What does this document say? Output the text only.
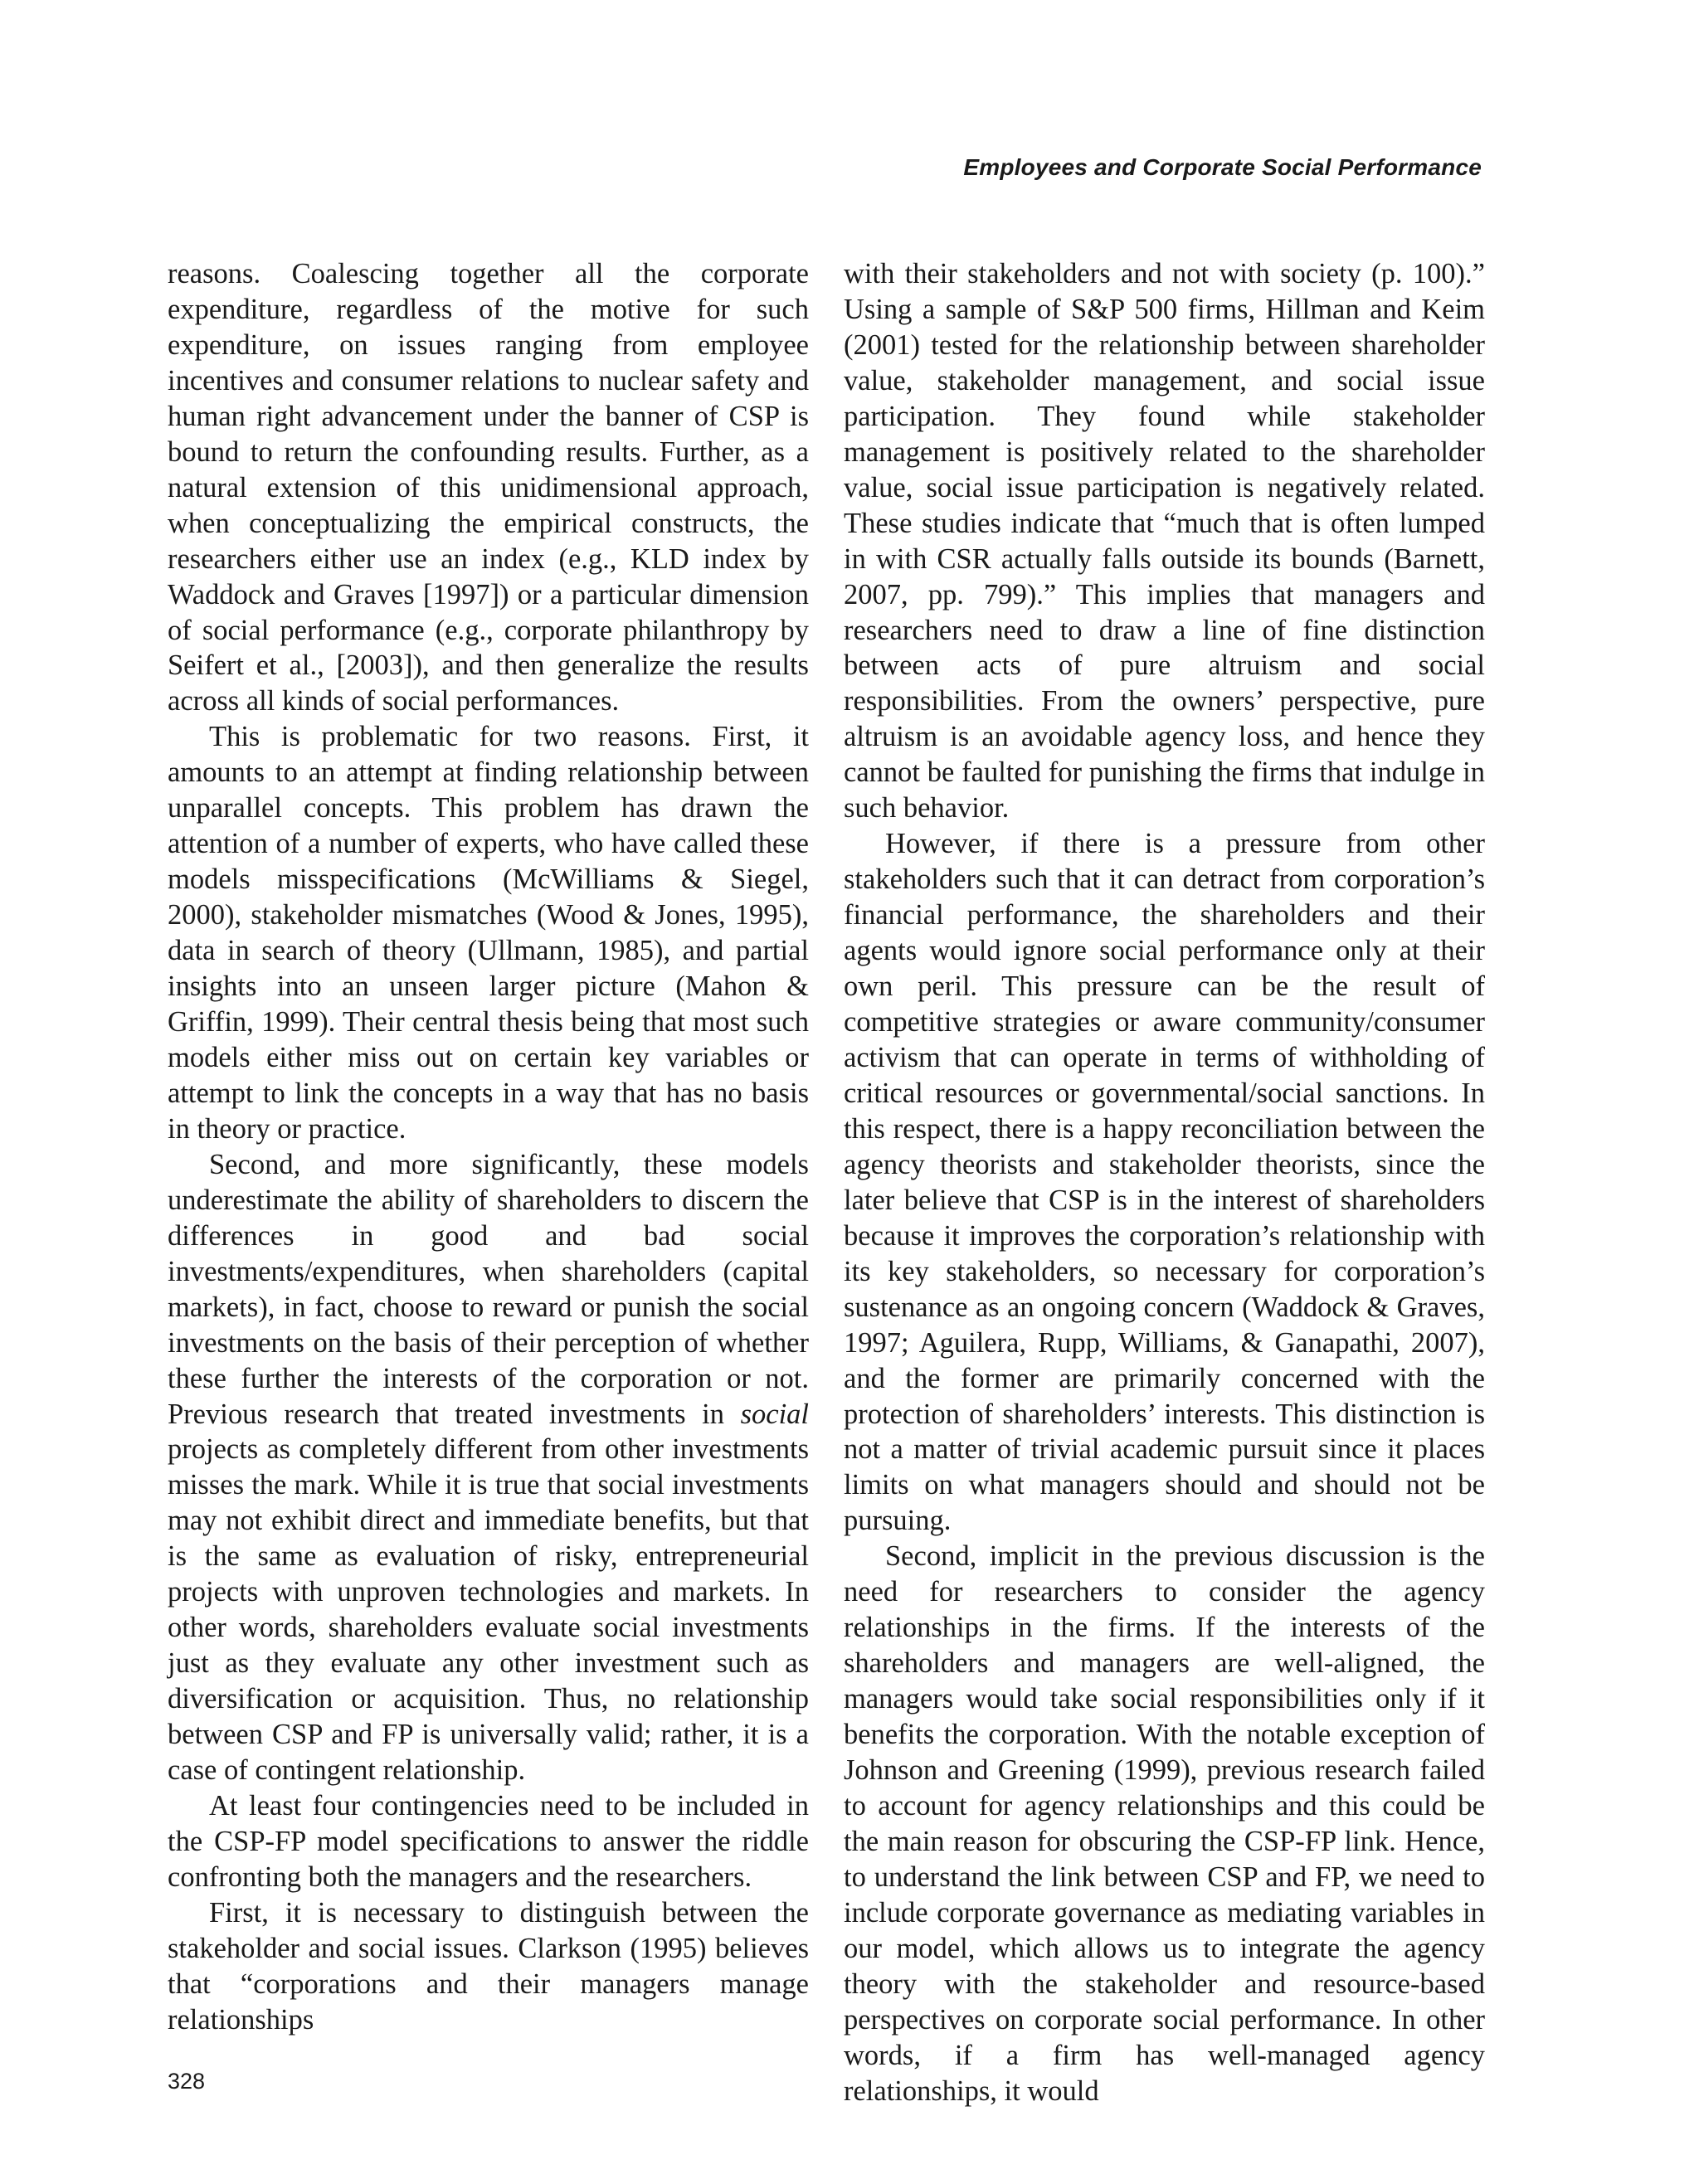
Employees and Corporate Social Performance

reasons. Coalescing together all the corporate expenditure, regardless of the motive for such expenditure, on issues ranging from employee incentives and consumer relations to nuclear safety and human right advancement under the banner of CSP is bound to return the confounding results. Further, as a natural extension of this unidimensional approach, when conceptualizing the empirical constructs, the researchers either use an index (e.g., KLD index by Waddock and Graves [1997]) or a particular dimension of social performance (e.g., corporate philanthropy by Seifert et al., [2003]), and then generalize the results across all kinds of social performances.

This is problematic for two reasons. First, it amounts to an attempt at finding relationship between unparallel concepts. This problem has drawn the attention of a number of experts, who have called these models misspecifications (McWilliams & Siegel, 2000), stakeholder mismatches (Wood & Jones, 1995), data in search of theory (Ullmann, 1985), and partial insights into an unseen larger picture (Mahon & Griffin, 1999). Their central thesis being that most such models either miss out on certain key variables or attempt to link the concepts in a way that has no basis in theory or practice.

Second, and more significantly, these models underestimate the ability of shareholders to discern the differences in good and bad social investments/expenditures, when shareholders (capital markets), in fact, choose to reward or punish the social investments on the basis of their perception of whether these further the interests of the corporation or not. Previous research that treated investments in social projects as completely different from other investments misses the mark. While it is true that social investments may not exhibit direct and immediate benefits, but that is the same as evaluation of risky, entrepreneurial projects with unproven technologies and markets. In other words, shareholders evaluate social investments just as they evaluate any other investment such as diversification or acquisition. Thus, no relationship between CSP and FP is universally valid; rather, it is a case of contingent relationship.

At least four contingencies need to be included in the CSP-FP model specifications to answer the riddle confronting both the managers and the researchers.

First, it is necessary to distinguish between the stakeholder and social issues. Clarkson (1995) believes that “corporations and their managers manage relationships

with their stakeholders and not with society (p. 100).” Using a sample of S&P 500 firms, Hillman and Keim (2001) tested for the relationship between shareholder value, stakeholder management, and social issue participation. They found while stakeholder management is positively related to the shareholder value, social issue participation is negatively related. These studies indicate that “much that is often lumped in with CSR actually falls outside its bounds (Barnett, 2007, pp. 799).” This implies that managers and researchers need to draw a line of fine distinction between acts of pure altruism and social responsibilities. From the owners’ perspective, pure altruism is an avoidable agency loss, and hence they cannot be faulted for punishing the firms that indulge in such behavior.

However, if there is a pressure from other stakeholders such that it can detract from corporation’s financial performance, the shareholders and their agents would ignore social performance only at their own peril. This pressure can be the result of competitive strategies or aware community/consumer activism that can operate in terms of withholding of critical resources or governmental/social sanctions. In this respect, there is a happy reconciliation between the agency theorists and stakeholder theorists, since the later believe that CSP is in the interest of shareholders because it improves the corporation’s relationship with its key stakeholders, so necessary for corporation’s sustenance as an ongoing concern (Waddock & Graves, 1997; Aguilera, Rupp, Williams, & Ganapathi, 2007), and the former are primarily concerned with the protection of shareholders’ interests. This distinction is not a matter of trivial academic pursuit since it places limits on what managers should and should not be pursuing.

Second, implicit in the previous discussion is the need for researchers to consider the agency relationships in the firms. If the interests of the shareholders and managers are well-aligned, the managers would take social responsibilities only if it benefits the corporation. With the notable exception of Johnson and Greening (1999), previous research failed to account for agency relationships and this could be the main reason for obscuring the CSP-FP link. Hence, to understand the link between CSP and FP, we need to include corporate governance as mediating variables in our model, which allows us to integrate the agency theory with the stakeholder and resource-based perspectives on corporate social performance. In other words, if a firm has well-managed agency relationships, it would

328
